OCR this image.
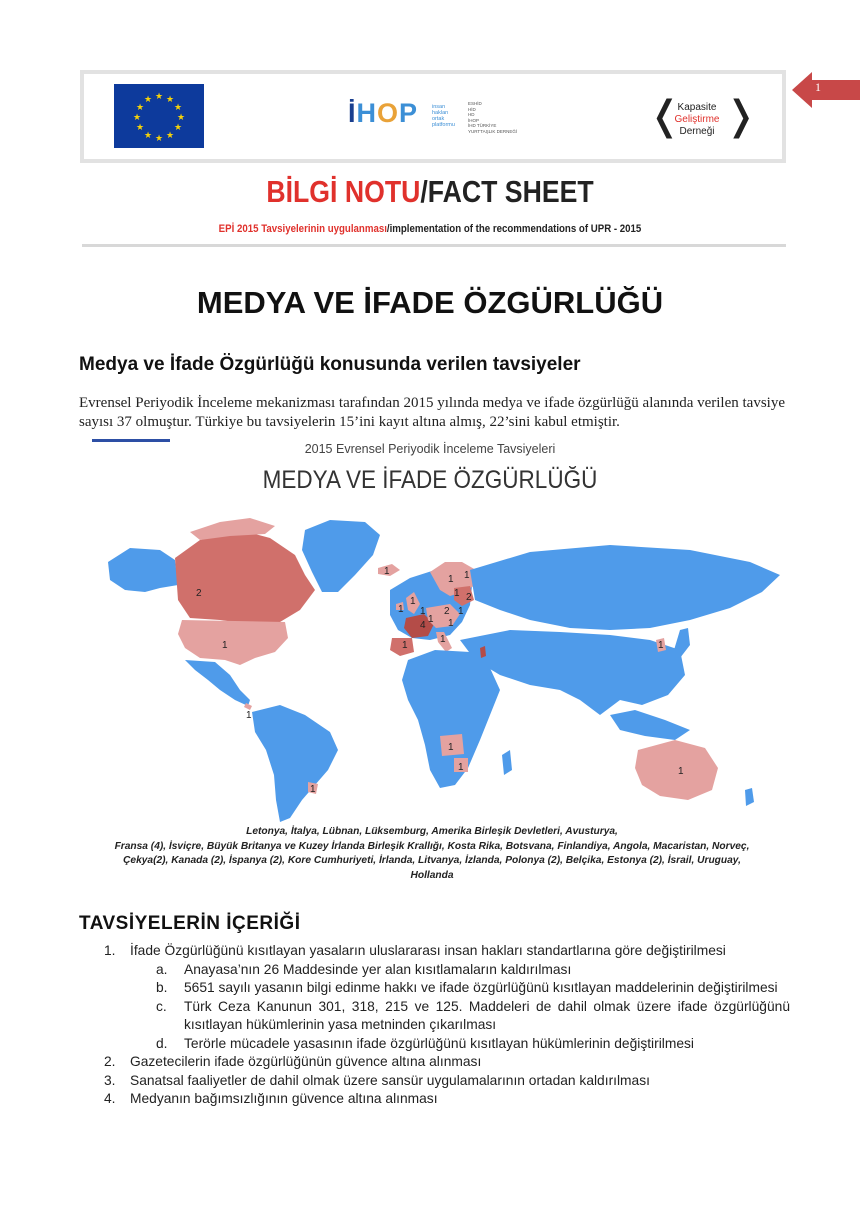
1
★ ★
★
★
★
★
★
★
★
★
★
★	İHOP	insan
hakları
ortak
platformu
ESHİD
HİD
HD
İHOP
İHD TÜRKİYE
YURTTAŞLIK DERNEĞİ	❬
Kapasite
Geliştirme
Derneği ❭
BİLGİ NOTU/FACT SHEET
EPİ 2015 Tavsiyelerinin uygulanması/implementation of the recommendations of UPR - 2015
MEDYA VE İFADE ÖZGÜRLÜĞÜ
Medya ve İfade Özgürlüğü konusunda verilen tavsiyeler

Evrensel Periyodik İnceleme mekanizması tarafından 2015 yılında medya ve ifade özgürlüğü alanında verilen tavsiye sayısı 37 olmuştur. Türkiye bu tavsiyelerin 15’ini kayıt altına almış, 22’sini kabul etmiştir.

2015 Evrensel Periyodik İnceleme Tavsiyeleri
MEDYA VE İFADE ÖZGÜRLÜĞÜ
2
1
1
1
2
1
1
1
1
1
1
4
1
2
1
1
1
1
1
1
1
1
1

Letonya, İtalya, Lübnan, Lüksemburg, Amerika Birleşik Devletleri, Avusturya,

Fransa (4), İsviçre, Büyük Britanya ve Kuzey İrlanda Birleşik Krallığı, Kosta Rika, Botsvana, Finlandiya, Angola, Macaristan, Norveç,

Çekya(2), Kanada (2), İspanya (2), Kore Cumhuriyeti, İrlanda, Litvanya, İzlanda, Polonya (2), Belçika, Estonya (2), İsrail, Uruguay,

Hollanda

TAVSİYELERİN İÇERİĞİ
1. İfade Özgürlüğünü kısıtlayan yasaların uluslararası insan hakları standartlarına göre değiştirilmesi
a. Anayasa’nın 26 Maddesinde yer alan kısıtlamaların kaldırılması
b. 5651 sayılı yasanın bilgi edinme hakkı ve ifade özgürlüğünü kısıtlayan maddelerinin değiştirilmesi
c. Türk Ceza Kanunun 301, 318, 215 ve 125. Maddeleri de dahil olmak üzere ifade özgürlüğünü kısıtlayan hükümlerinin yasa metninden çıkarılması
d. Terörle mücadele yasasının ifade özgürlüğünü kısıtlayan hükümlerinin değiştirilmesi
2. Gazetecilerin ifade özgürlüğünün güvence altına alınması
3. Sanatsal faaliyetler de dahil olmak üzere sansür uygulamalarının ortadan kaldırılması
4. Medyanın bağımsızlığının güvence altına alınması
